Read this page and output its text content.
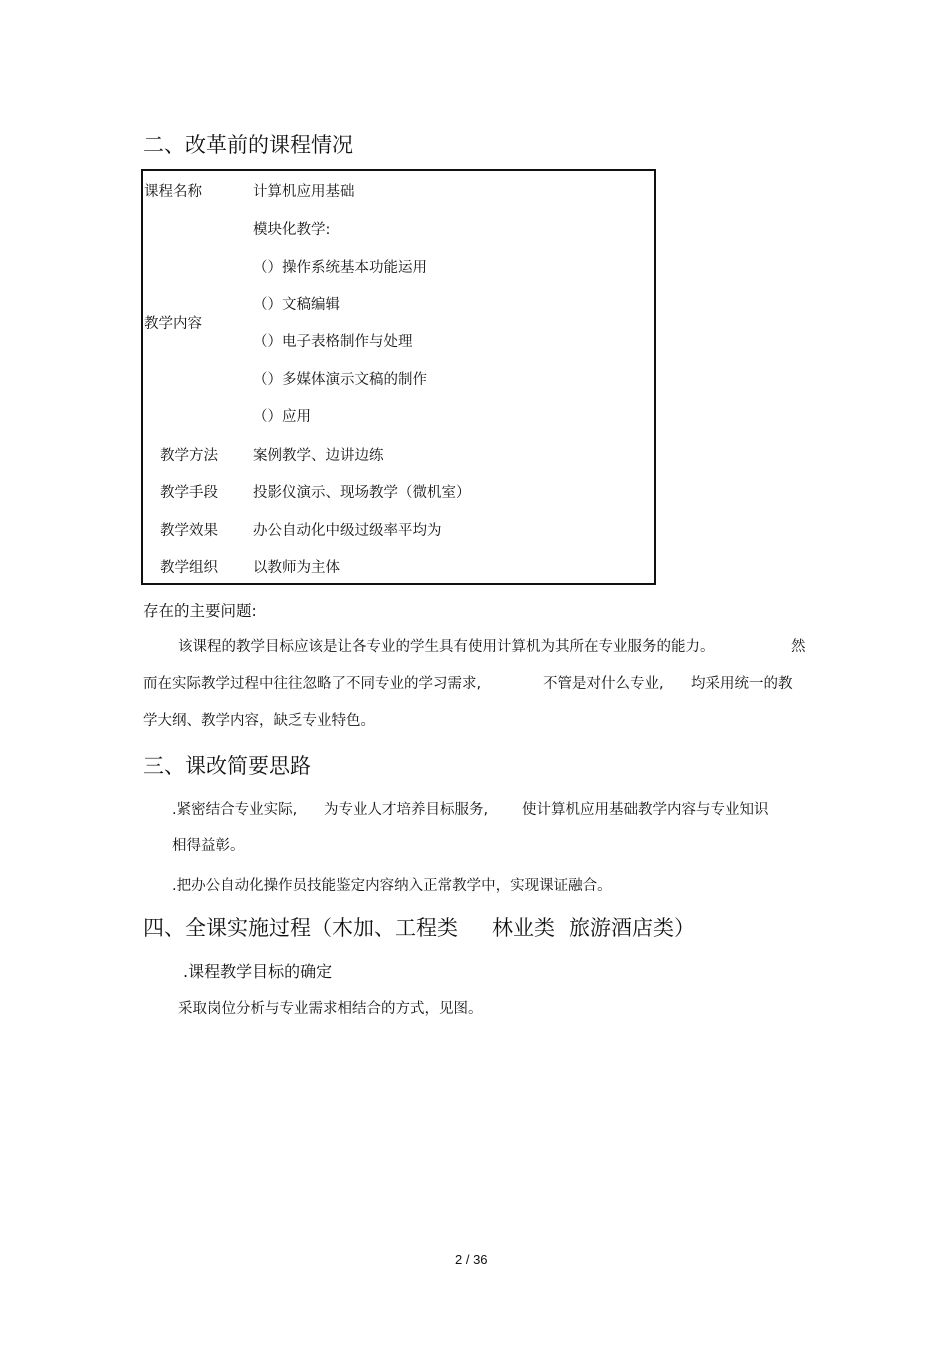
二、改革前的课程情况
课程名称	计算机应用基础
教学内容
模块化教学:
（）操作系统基本功能运用
（）文稿编辑
（）电子表格制作与处理
（）多媒体演示文稿的制作
（）应用
教学方法 案例教学、边讲边练
教学手段 投影仪演示、现场教学（微机室）
教学效果 办公自动化中级过级率平均为
教学组织 以教师为主体
存在的主要问题:
该课程的教学目标应该是让各专业的学生具有使用计算机为其所在专业服务的能力。	然
而在实际教学过程中往往忽略了不同专业的学习需求,	不管是对什么专业, 均采用统一的教
学大纲、教学内容，缺乏专业特色。
三、课改简要思路
.紧密结合专业实际, 为专业人才培养目标服务, 使计算机应用基础教学内容与专业知识
相得益彰。
.把办公自动化操作员技能鉴定内容纳入正常教学中，实现课证融合。
四、全课实施过程（木加、工程类 林业类 旅游酒店类）
.课程教学目标的确定
采取岗位分析与专业需求相结合的方式，见图。
2 / 36
